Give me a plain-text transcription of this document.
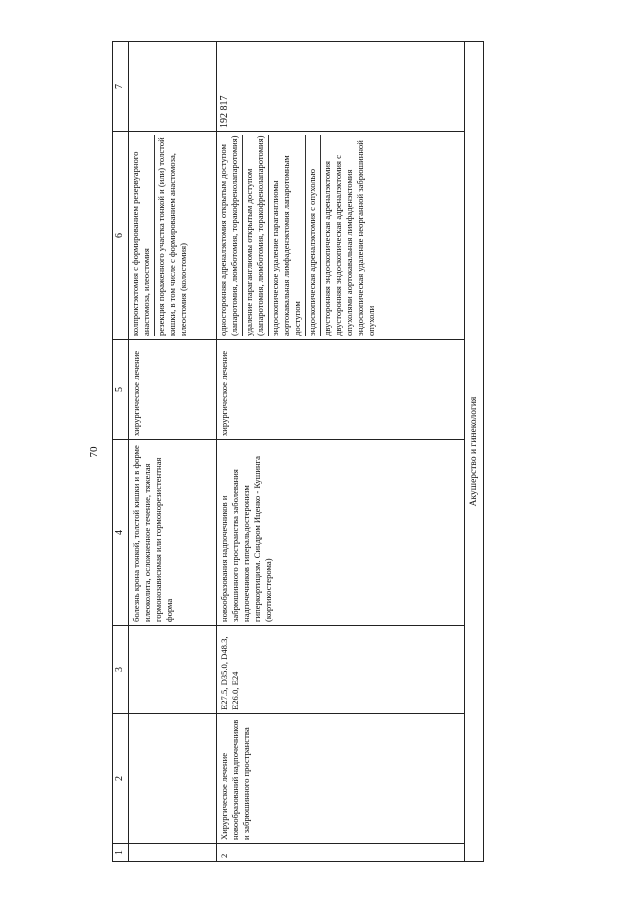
70
1	2	3	4	5	6	7
			болезнь крона тонкой, толстой кишки и в форме илеоколита, осложненное течение, тяжелая гормонозависимая или гормонорезистентная форма	хирургическое лечение	колпроктэктомия с формированием резервуарного анастомоза, илеостомия резекция пораженного участка тонкой и (или) толстой кишки, в том числе с формированием анастомоза, илеостомия (колостомия)	

2	Хирургическое лечение новообразований надпочечников и забрюшинного пространства	E27.5, D35.0, D48.3, E26.0, E24	новообразования надпочечников и забрюшинного пространства заболевания надпочечников гиперальдостеронизм гиперкортицизм. Синдром Иценко - Кушинга (кортикостерома)	хирургическое лечение	односторонняя адреналэктомия открытым доступом (лапаротомия, люмботомия, торакофренолапаротомия) удаление параганглиомы открытым доступом (лапаротомия, люмботомия, торакофренолапаротомия) эндоскопическое удаление параганглиомы аортокавальная лимфаденэктомия лапаротомным доступом эндоскопическая адреналэктомия с опухолью двусторонняя эндоскопическая адреналэктомия двусторонняя эндоскопическая адреналэктомия с опухолями аортокавальная лимфаденэктомия эндоскопическая удаление неорганной забрюшинной опухоли	192 817
Акушерство и гинекология						
